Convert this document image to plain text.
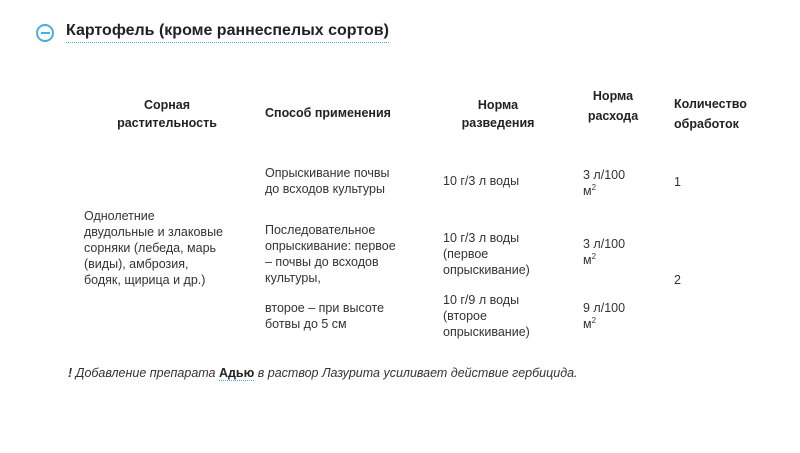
Картофель (кроме раннеспелых сортов)
Сорная
растительность
Способ применения
Норма
разведения
Норма
расхода
Количество
обработок
Однолетние
двудольные и злаковые
сорняки (лебеда, марь
(виды), амброзия,
бодяк, щирица и др.)
Опрыскивание почвы
до всходов культуры
10 г/3 л воды	3 л/100
$м^2$	1
Последовательное
опрыскивание: первое
– почвы до всходов
культуры,
10 г/3 л воды
(первое
опрыскивание)
3 л/100
$м^2$
2
второе – при высоте
ботвы до 5 см
10 г/9 л воды
(второе
опрыскивание)
9 л/100
$м^2$
! Добавление препарата Адью в раствор Лазурита усиливает действие гербицида.
